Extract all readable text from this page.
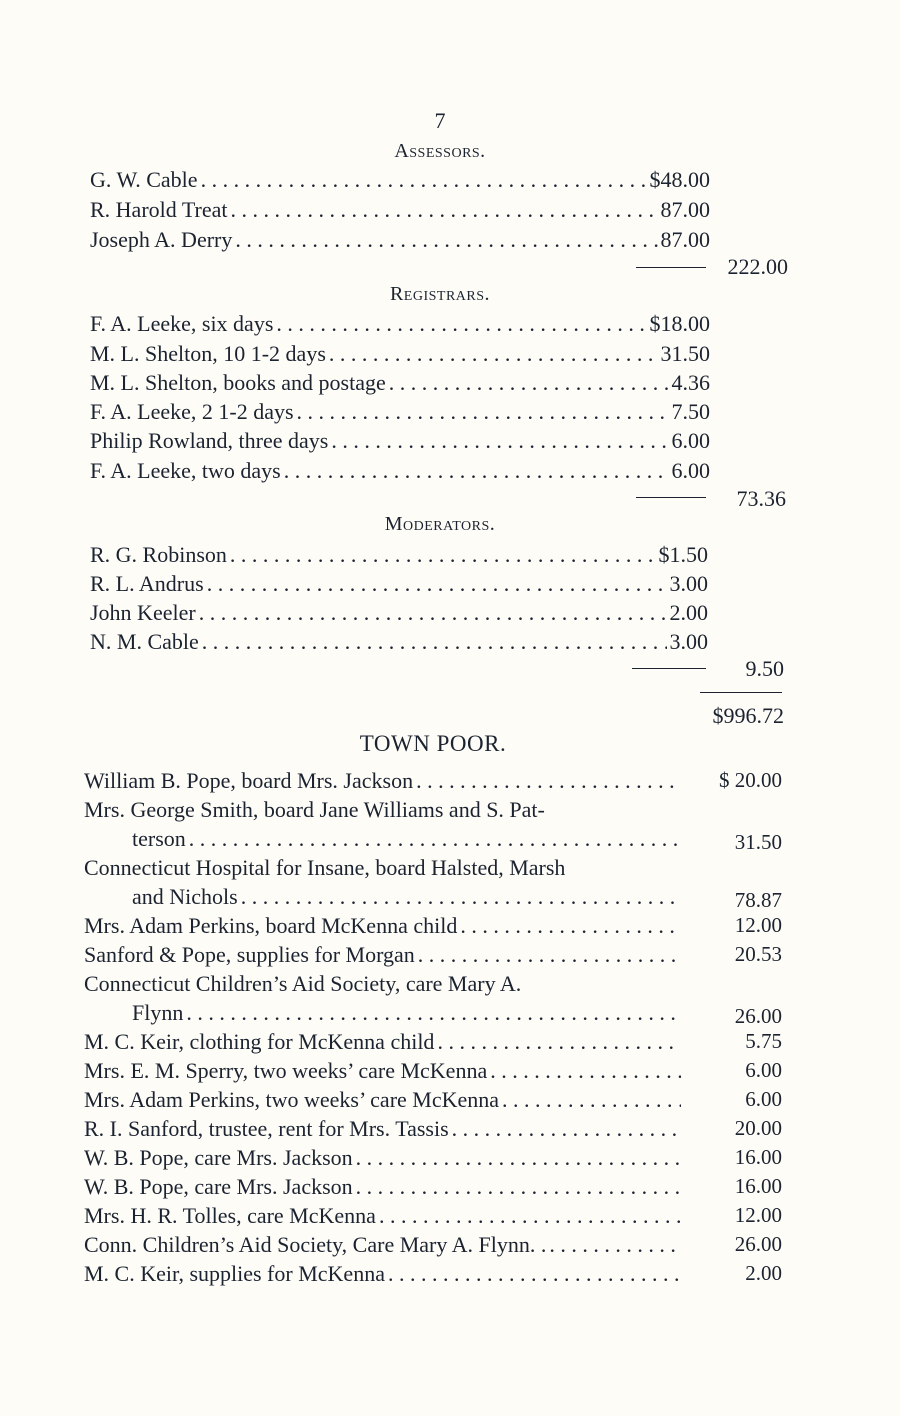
7
Assessors.
G. W. Cable . . .	$48.00
R. Harold Treat . . .	87.00
Joseph A. Derry . . .	87.00
222.00
Registrars.
F. A. Leeke, six days . . .	$18.00
M. L. Shelton, 10 1-2 days . . .	31.50
M. L. Shelton, books and postage . . .	4.36
F. A. Leeke, 2 1-2 days . . .	7.50
Philip Rowland, three days . . .	6.00
F. A. Leeke, two days . . .	6.00
73.36
Moderators.
R. G. Robinson . . .	$1.50
R. L. Andrus . . .	3.00
John Keeler . . .	2.00
N. M. Cable . . .	3.00
9.50
$996.72
TOWN POOR.
William B. Pope, board Mrs. Jackson . . .	$ 20.00
Mrs. George Smith, board Jane Williams and S. Pat-
terson . . .	31.50
Connecticut Hospital for Insane, board Halsted, Marsh
and Nichols . . .	78.87
Mrs. Adam Perkins, board McKenna child . . .	12.00
Sanford & Pope, supplies for Morgan . . .	20.53
Connecticut Children’s Aid Society, care Mary A.
Flynn . . .	26.00
M. C. Keir, clothing for McKenna child . . .	5.75
Mrs. E. M. Sperry, two weeks’ care McKenna . . .	6.00
Mrs. Adam Perkins, two weeks’ care McKenna . . .	6.00
R. I. Sanford, trustee, rent for Mrs. Tassis . . .	20.00
W. B. Pope, care Mrs. Jackson . . .	16.00
W. B. Pope, care Mrs. Jackson . . .	16.00
Mrs. H. R. Tolles, care McKenna . . .	12.00
Conn. Children’s Aid Society, Care Mary A. Flynn. . . . .	26.00
M. C. Keir, supplies for McKenna . . .	2.00
